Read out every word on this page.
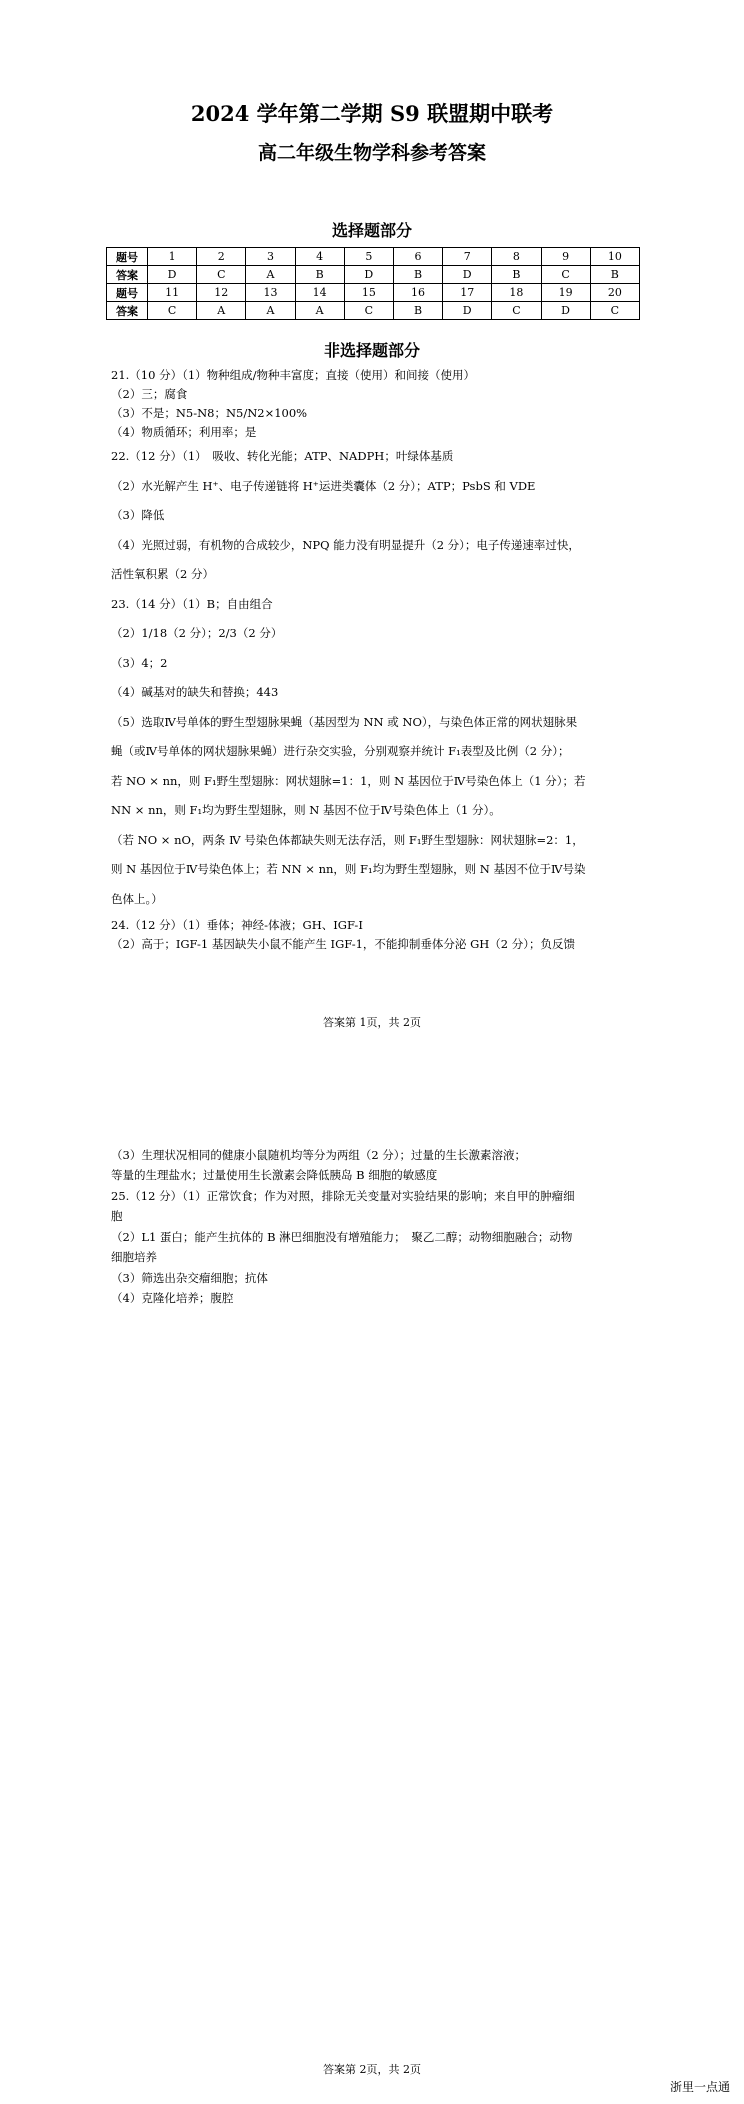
2024 学年第二学期 S9 联盟期中联考
高二年级生物学科参考答案
选择题部分
题号	1	2	3	4	5	6	7	8	9	10
答案	D	C	A	B	D	B	D	B	C	B
题号	11	12	13	14	15	16	17	18	19	20
答案	C	A	A	A	C	B	D	C	D	C
非选择题部分
21.（10 分）（1）物种组成/物种丰富度；直接（使用）和间接（使用）
（2）三；腐食
（3）不是；N5-N8；N5/N2×100%
（4）物质循环；利用率；是
22.（12 分）（1）　吸收、转化光能；ATP、NADPH；叶绿体基质
（2）水光解产生 H⁺、电子传递链将 H⁺运进类囊体（2 分）；ATP；PsbS 和 VDE
（3）降低
（4）光照过弱，有机物的合成较少，NPQ 能力没有明显提升（2 分）；电子传递速率过快，
活性氧积累（2 分）
23.（14 分）（1）B；自由组合
（2）1/18（2 分）；2/3（2 分）
（3）4；2
（4）碱基对的缺失和替换；443
（5）选取Ⅳ号单体的野生型翅脉果蝇（基因型为 NN 或 NO），与染色体正常的网状翅脉果
蝇（或Ⅳ号单体的网状翅脉果蝇）进行杂交实验，分别观察并统计 F₁表型及比例（2 分）；
若 NO × nn，则 F₁野生型翅脉：网状翅脉=1：1，则 N 基因位于Ⅳ号染色体上（1 分）；若
NN × nn，则 F₁均为野生型翅脉，则 N 基因不位于Ⅳ号染色体上（1 分）。
（若 NO × nO，两条 Ⅳ 号染色体都缺失则无法存活，则 F₁野生型翅脉：网状翅脉=2：1，
则 N 基因位于Ⅳ号染色体上；若 NN × nn，则 F₁均为野生型翅脉，则 N 基因不位于Ⅳ号染
色体上。）
24.（12 分）（1）垂体；神经-体液；GH、IGF-I
（2）高于；IGF-1 基因缺失小鼠不能产生 IGF-1，不能抑制垂体分泌 GH（2 分）；负反馈
答案第 1页，共 2页
（3）生理状况相同的健康小鼠随机均等分为两组（2 分）；过量的生长激素溶液；
等量的生理盐水；过量使用生长激素会降低胰岛 B 细胞的敏感度
25.（12 分）（1）正常饮食；作为对照，排除无关变量对实验结果的影响；来自甲的肿瘤细
胞
（2）L1 蛋白；能产生抗体的 B 淋巴细胞没有增殖能力；　聚乙二醇；动物细胞融合；动物
细胞培养
（3）筛选出杂交瘤细胞；抗体
（4）克隆化培养；腹腔
答案第 2页，共 2页
浙里一点通
